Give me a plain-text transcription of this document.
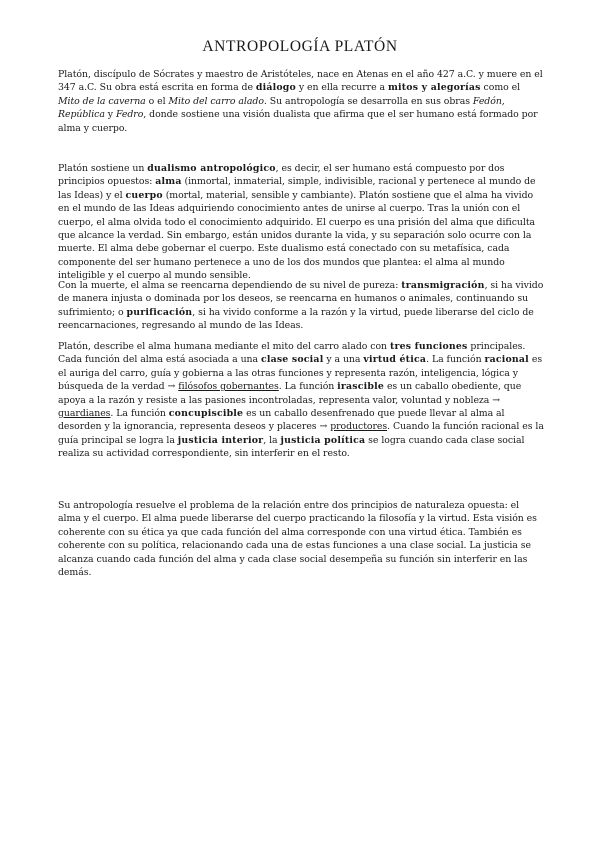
ANTROPOLOGÍA PLATÓN

Platón, discípulo de Sócrates y maestro de Aristóteles, nace en Atenas en el año 427 a.C. y muere en el 347 a.C. Su obra está escrita en forma de diálogo y en ella recurre a mitos y alegorías como el Mito de la caverna o el Mito del carro alado. Su antropología se desarrolla en sus obras Fedón, República y Fedro, donde sostiene una visión dualista que afirma que el ser humano está formado por alma y cuerpo.

Platón sostiene un dualismo antropológico, es decir, el ser humano está compuesto por dos principios opuestos: alma (inmortal, inmaterial, simple, indivisible, racional y pertenece al mundo de las Ideas) y el cuerpo (mortal, material, sensible y cambiante). Platón sostiene que el alma ha vivido en el mundo de las Ideas adquiriendo conocimiento antes de unirse al cuerpo. Tras la unión con el cuerpo, el alma olvida todo el conocimiento adquirido. El cuerpo es una prisión del alma que dificulta que alcance la verdad. Sin embargo, están unidos durante la vida, y su separación solo ocurre con la muerte. El alma debe gobernar el cuerpo. Este dualismo está conectado con su metafísica, cada componente del ser humano pertenece a uno de los dos mundos que plantea: el alma al mundo inteligible y el cuerpo al mundo sensible.

Con la muerte, el alma se reencarna dependiendo de su nivel de pureza: transmigración, si ha vivido de manera injusta o dominada por los deseos, se reencarna en humanos o animales, continuando su sufrimiento; o purificación, si ha vivido conforme a la razón y la virtud, puede liberarse del ciclo de reencarnaciones, regresando al mundo de las Ideas.

Platón, describe el alma humana mediante el mito del carro alado con tres funciones principales. Cada función del alma está asociada a una clase social y a una virtud ética. La función racional es el auriga del carro, guía y gobierna a las otras funciones y representa razón, inteligencia, lógica y búsqueda de la verdad → filósofos gobernantes. La función irascible es un caballo obediente, que apoya a la razón y resiste a las pasiones incontroladas, representa valor, voluntad y nobleza → guardianes. La función concupiscible es un caballo desenfrenado que puede llevar al alma al desorden y la ignorancia, representa deseos y placeres → productores. Cuando la función racional es la guía principal se logra la justicia interior, la justicia política se logra cuando cada clase social realiza su actividad correspondiente, sin interferir en el resto.

Su antropología resuelve el problema de la relación entre dos principios de naturaleza opuesta: el alma y el cuerpo. El alma puede liberarse del cuerpo practicando la filosofía y la virtud. Esta visión es coherente con su ética ya que cada función del alma corresponde con una virtud ética. También es coherente con su política, relacionando cada una de estas funciones a una clase social. La justicia se alcanza cuando cada función del alma y cada clase social desempeña su función sin interferir en las demás.
